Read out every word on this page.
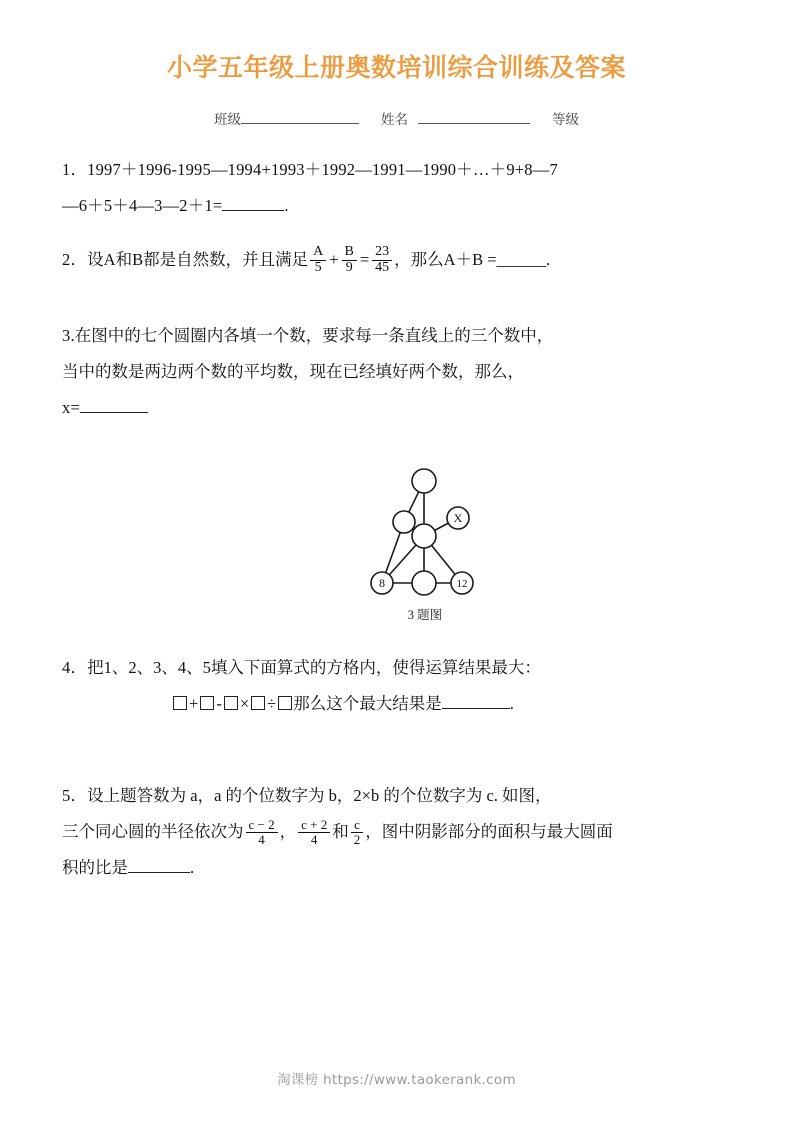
小学五年级上册奥数培训综合训练及答案
班级	姓名	等级
1．1997＋1996-1995—1994+1993＋1992—1991—1990＋…＋9+8—7
—6＋5＋4—3—2＋1=	.
2．设A和B都是自然数，并且满足 $\frac{A}{5} + \frac{B}{9} = \frac{23}{45}$ ，那么A＋B =______.
3.在图中的七个圆圈内各填一个数，要求每一条直线上的三个数中，
当中的数是两边两个数的平均数，现在已经填好两个数，那么，
x=
X
8	12
3 题图
4．把1、2、3、4、5填入下面算式的方格内，使得运算结果最大：
+ - × ÷ 那么这个最大结果是	.
5．设上题答数为 a，a 的个位数字为 b，2×b 的个位数字为 c. 如图，
三个同心圆的半径依次为 $\frac{c - 2}{4}$ ， $\frac{c + 2}{4}$ 和 $\frac{c}{2}$ ，图中阴影部分的面积与最大圆面
积的比是	.
淘课榜 https://www.taokerank.com
